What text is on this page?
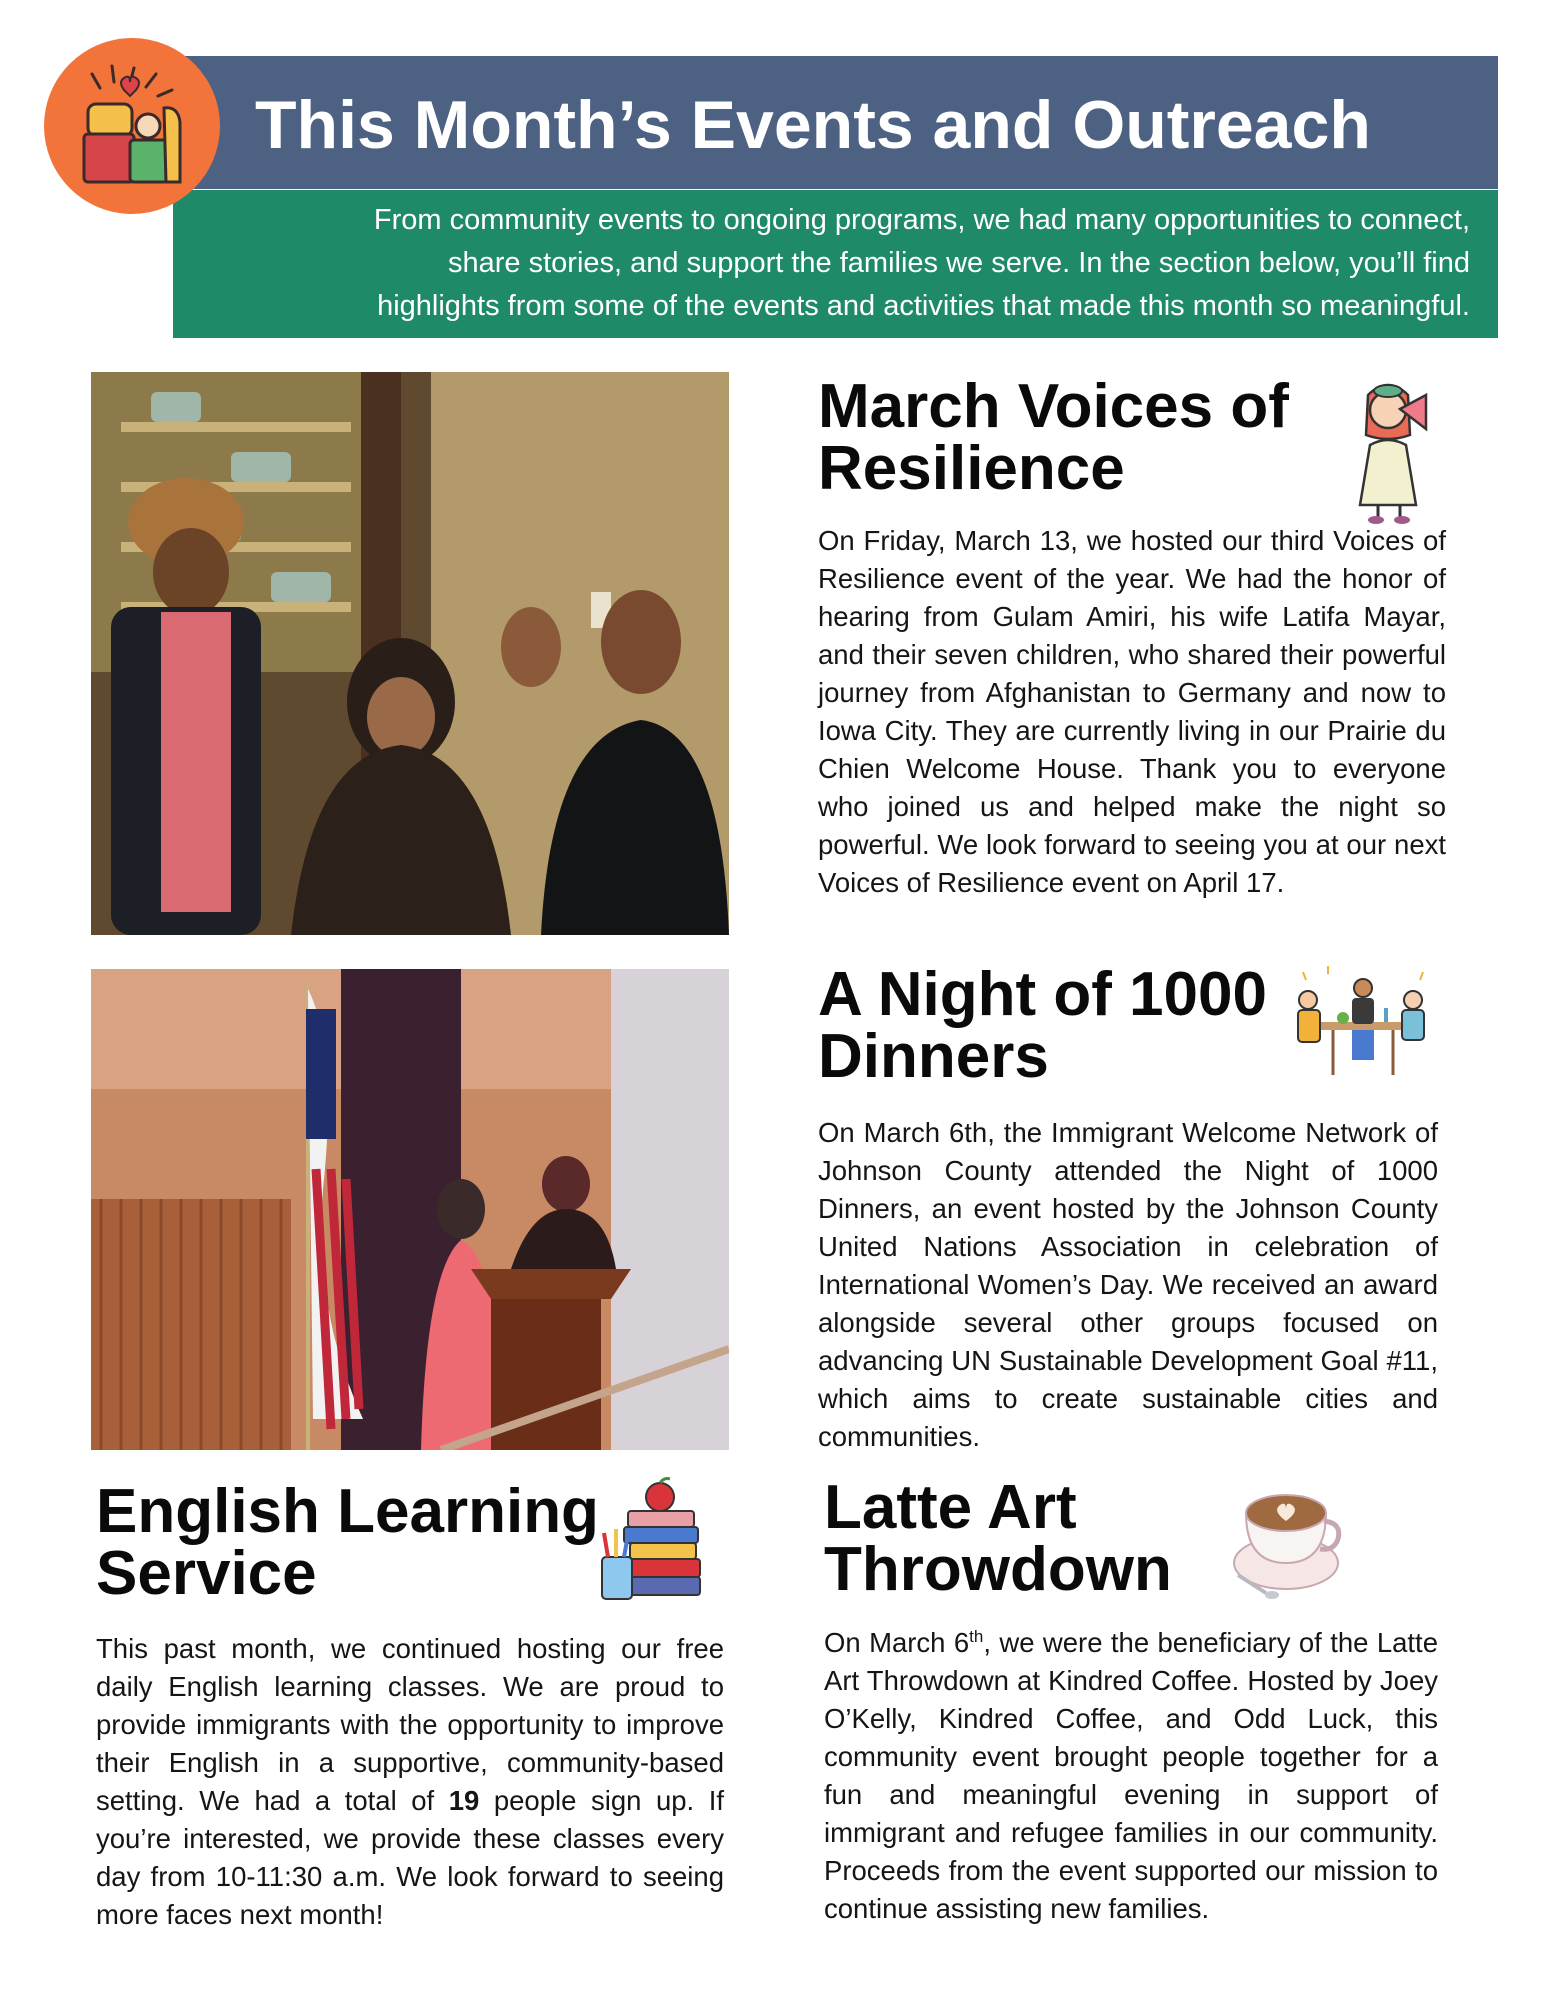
This Month’s Events and Outreach
From community events to ongoing programs, we had many opportunities to connect,
share stories, and support the families we serve. In the section below, you’ll find
highlights from some of the events and activities that made this month so meaningful.
March Voices of
Resilience
On Friday, March 13, we hosted our third Voices of Resilience event of the year. We had the honor of hearing from Gulam Amiri, his wife Latifa Mayar, and their seven children, who shared their powerful journey from Afghanistan to Germany and now to Iowa City. They are currently living in our Prairie du Chien Welcome House. Thank you to everyone who joined us and helped make the night so powerful. We look forward to seeing you at our next Voices of Resilience event on April 17.
A Night of 1000
Dinners
On March 6th, the Immigrant Welcome Network of Johnson County attended the Night of 1000 Dinners, an event hosted by the Johnson County United Nations Association in celebration of International Women’s Day. We received an award alongside several other groups focused on advancing UN Sustainable Development Goal #11, which aims to create sustainable cities and communities.
English Learning
Service
This past month, we continued hosting our free daily English learning classes. We are proud to provide immigrants with the opportunity to improve their English in a supportive, community-based setting. We had a total of 19 people sign up. If you’re interested, we provide these classes every day from 10-11:30 a.m. We look forward to seeing more faces next month!
Latte Art
Throwdown
On March 6th, we were the beneficiary of the Latte Art Throwdown at Kindred Coffee. Hosted by Joey O’Kelly, Kindred Coffee, and Odd Luck, this community event brought people together for a fun and meaningful evening in support of immigrant and refugee families in our community. Proceeds from the event supported our mission to continue assisting new families.
